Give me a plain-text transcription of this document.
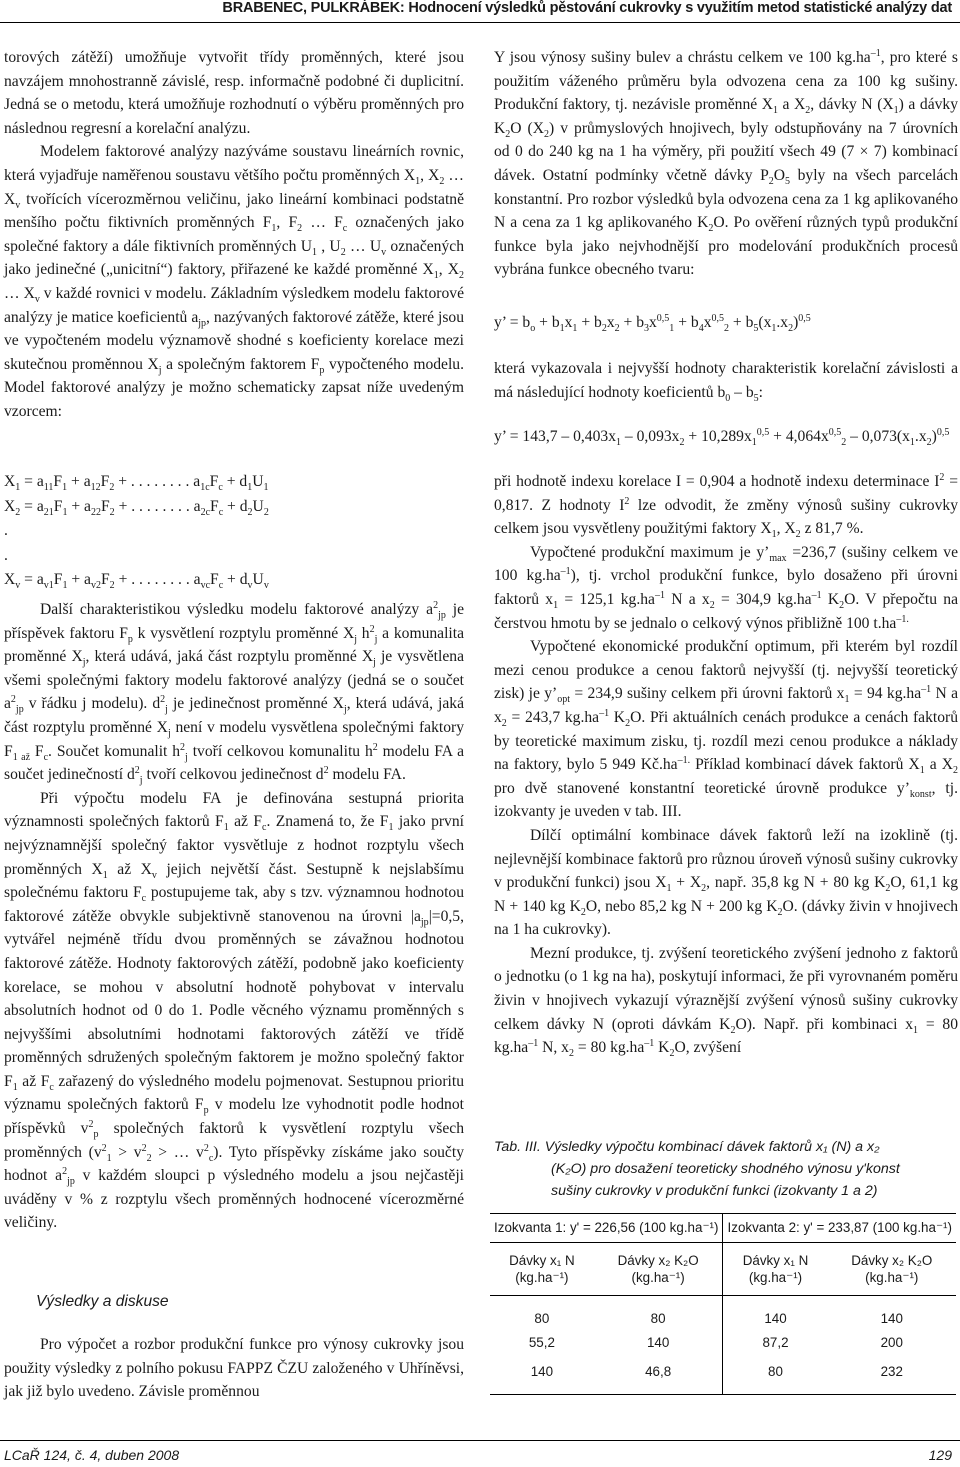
BRABENEC, PULKRÁBEK: Hodnocení výsledků pěstování cukrovky s využitím metod statistické analýzy dat

torových zátěží) umožňuje vytvořit třídy proměnných, které jsou navzájem mnohostranně závislé, resp. informačně podobné či duplicitní. Jedná se o metodu, která umožňuje rozhodnutí o výběru proměnných pro následnou regresní a korelační analýzu.

Modelem faktorové analýzy nazýváme soustavu lineárních rovnic, která vyjadřuje naměřenou soustavu většího počtu proměnných $X_1$, $X_2$ … $X_v$ tvořících vícerozměrnou veličinu, jako lineární kombinaci podstatně menšího počtu fiktivních proměnných $F_1$, $F_2$ … $F_c$ označených jako společné faktory a dále fiktivních proměnných $U_1$ , $U_2$ … $U_v$ označených jako jedinečné („unicitní“) faktory, přiřazené ke každé proměnné $X_1$, $X_2$ … $X_v$ v každé rovnici v modelu. Základním výsledkem modelu faktorové analýzy je matice koeficientů $a_{jp}$, nazývaných faktorové zátěže, které jsou ve vypočteném modelu významově shodné s koeficienty korelace mezi skutečnou proměnnou $X_j$ a společným faktorem $F_p$ vypočteného modelu. Model faktorové analýzy je možno schematicky zapsat níže uvedeným vzorcem:

$X_1 = a_{11}F_1 + a_{12}F_2$ + . . . . . . . . $a_{1c}F_c + d_1U_1$
$X_2 = a_{21}F_1 + a_{22}F_2$ + . . . . . . . . $a_{2c}F_c + d_2U_2$
.
.
$X_v = a_{v1}F_1 + a_{v2}F_2$ + . . . . . . . . $a_{vc}F_c + d_vU_v$

Další charakteristikou výsledku modelu faktorové analýzy $a^2_{jp}$ je příspěvek faktoru $F_p$ k vysvětlení rozptylu proměnné $X_j$ $h^2_j$ a komunalita proměnné $X_j$, která udává, jaká část rozptylu proměnné $X_j$ je vysvětlena všemi společnými faktory modelu faktorové analýzy (jedná se o součet $a^2_{jp}$ v řádku j modelu). $d^2_j$ je jedinečnost proměnné $X_j$, která udává, jaká část rozptylu proměnné $X_j$ není v modelu vysvětlena společnými faktory $F_{1 až}$ $F_c$. Součet komunalit $h^2_j$ tvoří celkovou komunalitu $h^2$ modelu FA a součet jedinečností $d^2_j$ tvoří celkovou jedinečnost $d^2$ modelu FA.

Při výpočtu modelu FA je definována sestupná priorita významnosti společných faktorů $F_1$ až $F_c$. Znamená to, že $F_1$ jako první nejvýznamnější společný faktor vysvětluje z hodnot rozptylu všech proměnných $X_1$ až $X_v$ jejich největší část. Sestupně k nejslabšímu společnému faktoru $F_c$ postupujeme tak, aby s tzv. významnou hodnotou faktorové zátěže obvykle subjektivně stanovenou na úrovni $|a_{jp}|=0,5$, vytvářel nejméně třídu dvou proměnných se závažnou hodnotou faktorové zátěže. Hodnoty faktorových zátěží, podobně jako koeficienty korelace, se mohou v absolutní hodnotě pohybovat v intervalu absolutních hodnot od 0 do 1. Podle věcného významu proměnných s nejvyššími absolutními hodnotami faktorových zátěží ve třídě proměnných sdružených společným faktorem je možno společný faktor $F_1$ až $F_c$ zařazený do výsledného modelu pojmenovat. Sestupnou prioritu významu společných faktorů $F_p$ v modelu lze vyhodnotit podle hodnot příspěvků $v^2_p$ společných faktorů k vysvětlení rozptylu všech proměnných ($v^2_1 > v^2_2$ > … $v^2_c$). Tyto příspěvky získáme jako součty hodnot $a^2_{jp}$ v každém sloupci p výsledného modelu a jsou nejčastěji uváděny v % z rozptylu všech proměnných hodnocené vícerozměrné veličiny.

Výsledky a diskuse

Pro výpočet a rozbor produkční funkce pro výnosy cukrovky jsou použity výsledky z polního pokusu FAPPZ ČZU založeného v Uhříněvsi, jak již bylo uvedeno. Závisle proměnnou

Y jsou výnosy sušiny bulev a chrástu celkem ve 100 $kg.ha^{-1}$, pro které s použitím váženého průměru byla odvozena cena za 100 kg sušiny. Produkční faktory, tj. nezávisle proměnné $X_1$ a $X_2$, dávky N $(X_1)$ a dávky $K_2O$ $(X_2)$ v průmyslových hnojivech, byly odstupňovány na 7 úrovních od 0 do 240 kg na 1 ha výměry, při použití všech 49 (7 × 7) kombinací dávek. Ostatní podmínky včetně dávky $P_2O_5$ byly na všech parcelách konstantní. Pro rozbor výsledků byla odvozena cena za 1 kg aplikovaného N a cena za 1 kg aplikovaného $K_2O$. Po ověření různých typů produkční funkce byla jako nejvhodnější pro modelování produkčních procesů vybrána funkce obecného tvaru:

y’ = $b_o + b_1x_1 + b_2x_2 + b_3x^{0,5}_1 + b_4x^{0,5}_2 + b_5(x_1.x_2)^{0,5}$

která vykazovala i nejvyšší hodnoty charakteristik korelační závislosti a má následující hodnoty koeficientů $b_0 - b_5$:

y’ = $143,7 - 0,403x_1 - 0,093x_2 + 10,289x_1^{0,5} + 4,064x^{0,5}_2 - 0,073(x_1.x_2)^{0,5}$

při hodnotě indexu korelace I = 0,904 a hodnotě indexu determinace $I^2 = 0,817$. Z hodnoty $I^2$ lze odvodit, že změny výnosů sušiny cukrovky celkem jsou vysvětleny použitými faktory $X_1$, $X_2$ z 81,7 %.

Vypočtené produkční maximum je $y’_{max} =236,7$ (sušiny celkem ve 100 $kg.ha^{-1}$), tj. vrchol produkční funkce, bylo dosaženo při úrovni faktorů $x_1 = 125,1$ $kg.ha^{-1}$ N a $x_2 = 304,9$ $kg.ha^{-1}$ $K_2O$. V přepočtu na čerstvou hmotu by se jednalo o celkový výnos přibližně 100 $t.ha^{-1.}$

Vypočtené ekonomické produkční optimum, při kterém byl rozdíl mezi cenou produkce a cenou faktorů nejvyšší (tj. nejvyšší teoretický zisk) je $y’_{opt} = 234,9$ sušiny celkem při úrovni faktorů $x_1 = 94$ $kg.ha^{-1}$ N a $x_2 = 243,7$ $kg.ha^{-1}$ $K_2O$. Při aktuálních cenách produkce a cenách faktorů by teoretické maximum zisku, tj. rozdíl mezi cenou produkce a náklady na faktory, bylo 5 949 $Kč.ha^{-1.}$ Příklad kombinací dávek faktorů $X_1$ a $X_2$ pro dvě stanovené konstantní teoretické úrovně produkce $y’_{konst}$, tj. izokvanty je uveden v tab. III.

Dílčí optimální kombinace dávek faktorů leží na izoklině (tj. nejlevnější kombinace faktorů pro různou úroveň výnosů sušiny cukrovky v produkční funkci) jsou $X_1 + X_2$, např. 35,8 kg N + 80 kg $K_2O$, 61,1 kg N + 140 kg $K_2O$, nebo 85,2 kg N + 200 kg $K_2O$. (dávky živin v hnojivech na 1 ha cukrovky).

Mezní produkce, tj. zvýšení teoretického zvýšení jednoho z faktorů o jednotku (o 1 kg na ha), poskytují informaci, že při vyrovnaném poměru živin v hnojivech vykazují výraznější zvýšení výnosů sušiny cukrovky celkem dávky N (oproti dávkám $K_2O$). Např. při kombinaci $x_1 = 80$ $kg.ha^{-1}$ N, $x_2 = 80$ $kg.ha^{-1}$ $K_2O$, zvýšení

Tab. III. Výsledky výpočtu kombinací dávek faktorů x₁ (N) a x₂

(K₂O) pro dosažení teoreticky shodného výnosu y'konst
sušiny cukrovky v produkční funkci (izokvanty 1 a 2)
Izokvanta 1: y' = 226,56 (100 kg.ha⁻¹)		Izokvanta 2: y' = 233,87 (100 kg.ha⁻¹)	
Dávky x₁ N
(kg.ha⁻¹)	Dávky x₂ K₂O
(kg.ha⁻¹)	Dávky x₁ N
(kg.ha⁻¹)	Dávky x₂ K₂O
(kg.ha⁻¹)
80	80	140	140
55,2	140	87,2	200
140	46,8	80	232
LCaŘ 124, č. 4, duben 2008	129
